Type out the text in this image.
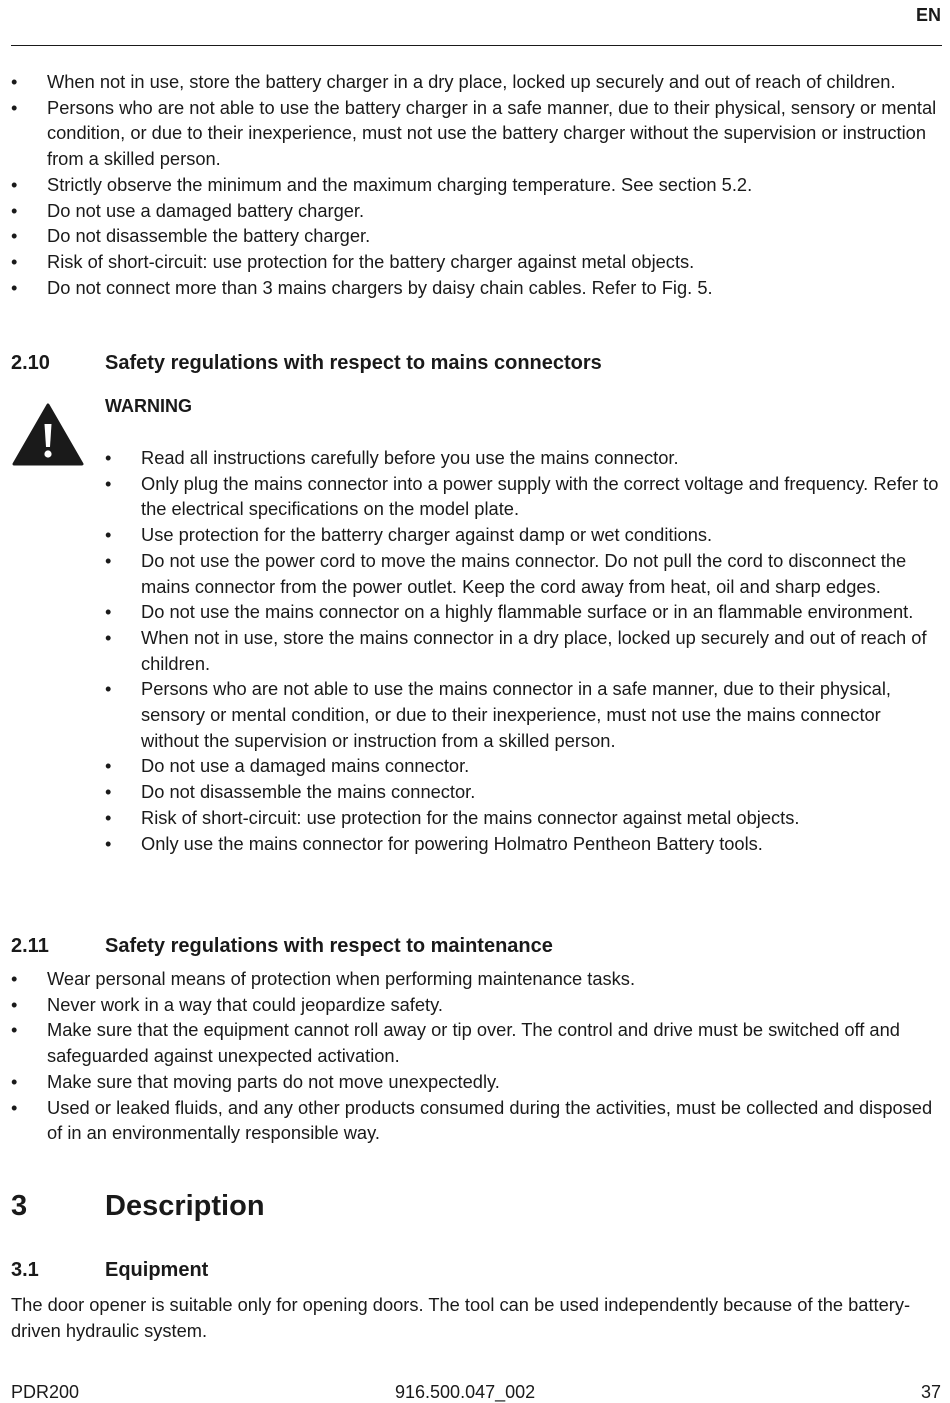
EN
• When not in use, store the battery charger in a dry place, locked up securely and out of reach of children.
• Persons who are not able to use the battery charger in a safe manner, due to their physical, sensory or mental condition, or due to their inexperience, must not use the battery charger without the supervision or instruction from a skilled person.
• Strictly observe the minimum and the maximum charging temperature. See section 5.2.
• Do not use a damaged battery charger.
• Do not disassemble the battery charger.
• Risk of short-circuit: use protection for the battery charger against metal objects.
• Do not connect more than 3 mains chargers by daisy chain cables. Refer to Fig. 5.
2.10	Safety regulations with respect to mains connectors
WARNING
• Read all instructions carefully before you use the mains connector.
• Only plug the mains connector into a power supply with the correct voltage and frequency. Refer to the electrical specifications on the model plate.
• Use protection for the batterry charger against damp or wet conditions.
• Do not use the power cord to move the mains connector. Do not pull the cord to disconnect the mains connector from the power outlet. Keep the cord away from heat, oil and sharp edges.
• Do not use the mains connector on a highly flammable surface or in an flammable environment.
• When not in use, store the mains connector in a dry place, locked up securely and out of reach of children.
• Persons who are not able to use the mains connector in a safe manner, due to their physical, sensory or mental condition, or due to their inexperience, must not use the mains connector without the supervision or instruction from a skilled person.
• Do not use a damaged mains connector.
• Do not disassemble the mains connector.
• Risk of short-circuit: use protection for the mains connector against metal objects.
• Only use the mains connector for powering Holmatro Pentheon Battery tools.
2.11	Safety regulations with respect to maintenance
• Wear personal means of protection when performing maintenance tasks.
• Never work in a way that could jeopardize safety.
• Make sure that the equipment cannot roll away or tip over. The control and drive must be switched off and safeguarded against unexpected activation.
• Make sure that moving parts do not move unexpectedly.
• Used or leaked fluids, and any other products consumed during the activities, must be collected and disposed of in an environmentally responsible way.
3	Description
3.1	Equipment

The door opener is suitable only for opening doors. The tool can be used independently because of the battery-driven hydraulic system.

PDR200	916.500.047_002	37
